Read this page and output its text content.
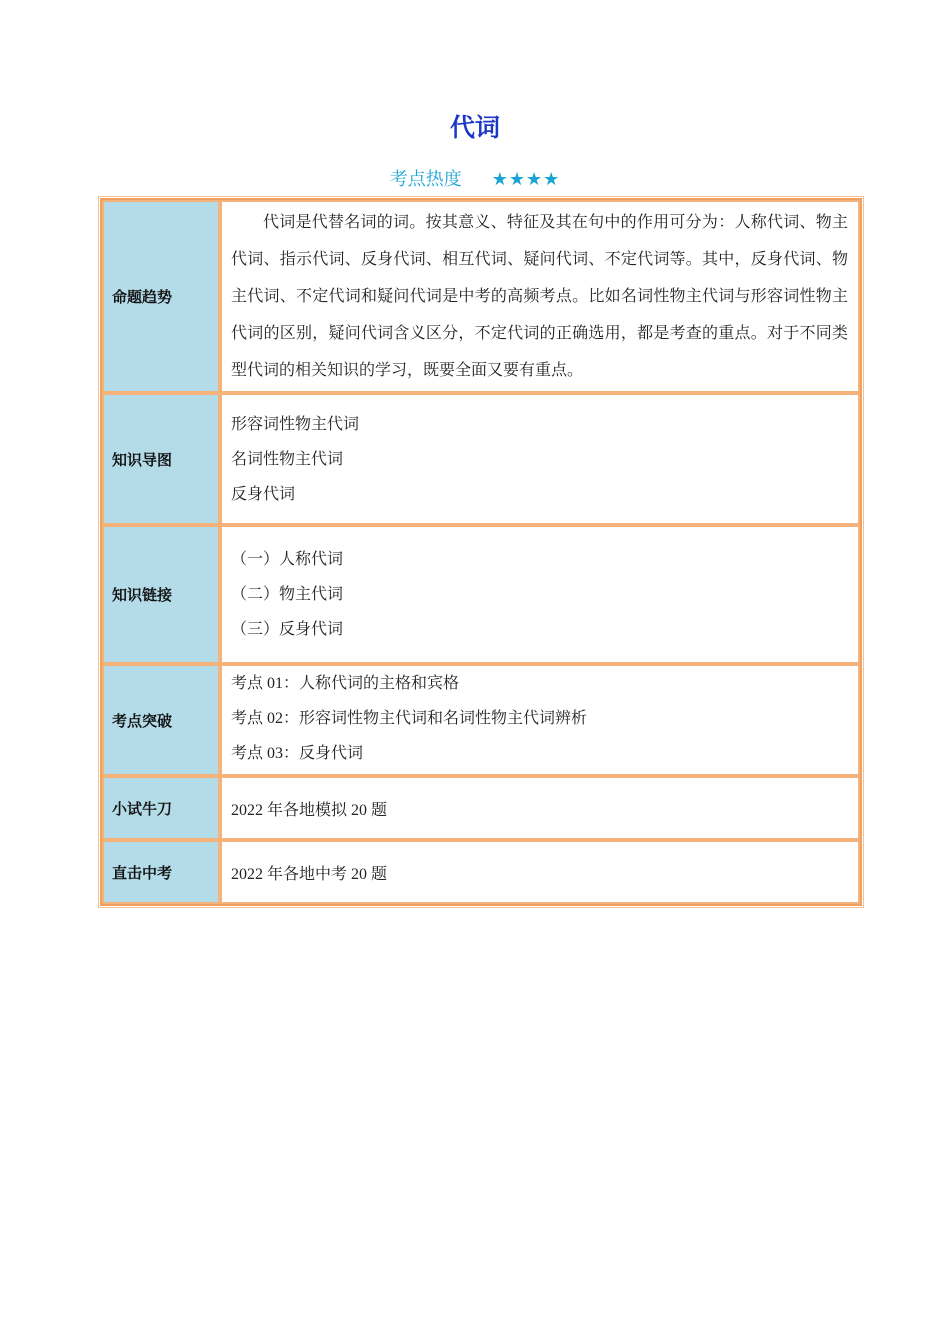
代词
考点热度 ★★★★
命题趋势	代词是代替名词的词。按其意义、特征及其在句中的作用可分为：人称代词、物主代词、指示代词、反身代词、相互代词、疑问代词、不定代词等。其中，反身代词、物主代词、不定代词和疑问代词是中考的高频考点。比如名词性物主代词与形容词性物主代词的区别，疑问代词含义区分，不定代词的正确选用，都是考查的重点。对于不同类型代词的相关知识的学习，既要全面又要有重点。

知识导图	形容词性物主代词
名词性物主代词
反身代词

知识链接	（一）人称代词
（二）物主代词
（三）反身代词

考点突破	考点 01：人称代词的主格和宾格
考点 02：形容词性物主代词和名词性物主代词辨析
考点 03：反身代词

小试牛刀	2022 年各地模拟 20 题

直击中考	2022 年各地中考 20 题
